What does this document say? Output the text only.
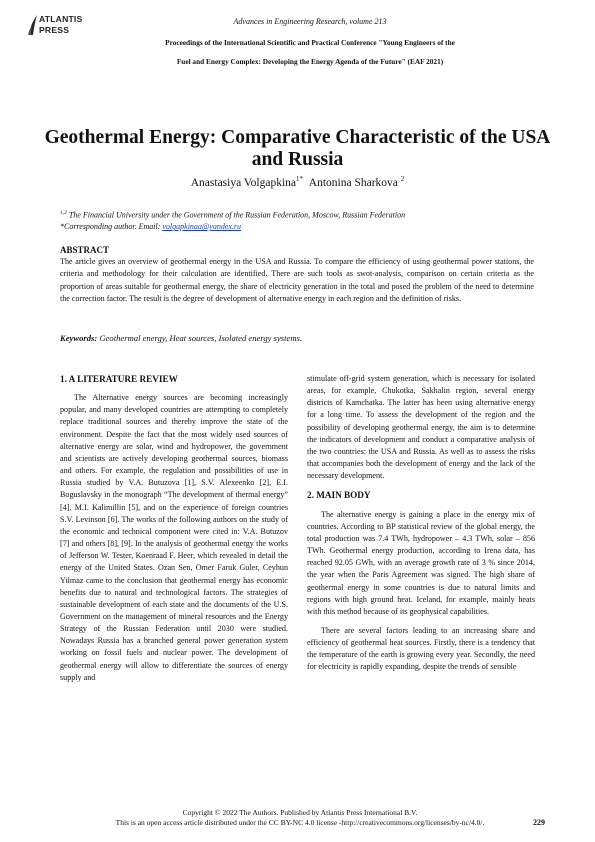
ATLANTIS
PRESS
Advances in Engineering Research, volume 213
Proceedings of the International Scientific and Practical Conference "Young Engineers of the
Fuel and Energy Complex: Developing the Energy Agenda of the Future" (EAF 2021)
Geothermal Energy: Comparative Characteristic of the USA and Russia
Anastasiya Volgapkina$^{1*}$ Antonina Sharkova $^2$
$^{1,2}$ The Financial University under the Government of the Russian Federation, Moscow, Russian Federation
*Corresponding author. Email: volgapkinaa@yandex.ru
ABSTRACT
The article gives an overview of geothermal energy in the USA and Russia. To compare the efficiency of using geothermal power stations, the criteria and methodology for their calculation are identified. There are such tools as swot-analysis, comparison on certain criteria as the proportion of areas suitable for geothermal energy, the share of electricity generation in the total and posed the problem of the need to determine the correction factor. The result is the degree of development of alternative energy in each region and the definition of risks.
Keywords: Geothermal energy, Heat sources, Isolated energy systems.
1. A LITERATURE REVIEW

The Alternative energy sources are becoming increasingly popular, and many developed countries are attempting to completely replace traditional sources and thereby improve the state of the environment. Despite the fact that the most widely used sources of alternative energy are solar, wind and hydropower, the government and scientists are actively developing geothermal sources, biomass and others. For example, the regulation and possibilities of use in Russia studied by V.A. Butuzova [1], S.V. Alexeenko [2], E.I. Boguslavsky in the monograph “The development of thermal energy” [4], M.I. Kalimillin [5], and on the experience of foreign countries S.V. Levinson [6]. The works of the following authors on the study of the economic and technical component were cited in: V.A. Butuzov [7] and others [8], [9]. In the analysis of geothermal energy the works of Jefferson W. Tester, Koenraad F. Heer, which revealed in detail the energy of the United States. Ozan Sen, Omer Faruk Guler, Ceyhun Yilmaz came to the conclusion that geothermal energy has economic benefits due to natural and technological factors. The strategies of sustainable development of each state and the documents of the U.S. Government on the management of mineral resources and the Energy Strategy of the Russian Federation until 2030 were studied. Nowadays Russia has a branched general power generation system working on fossil fuels and nuclear power. The development of geothermal energy will allow to differentiate the sources of energy supply and

stimulate off-grid system generation, which is necessary for isolated areas, for example, Chukotka, Sakhalin region, several energy districts of Kamchatka. The latter has been using alternative energy for a long time. To assess the development of the region and the possibility of developing geothermal energy, the aim is to determine the indicators of development and conduct a comparative analysis of the two countries: the USA and Russia. As well as to assess the risks that accompanies both the development of energy and the lack of the necessary development.

2. MAIN BODY

The alternative energy is gaining a place in the energy mix of countries. According to BP statistical review of the global energy, the total production was 7.4 TWh, hydropower – 4.3 TWh, solar – 856 TWh. Geothermal energy production, according to Irena data, has reached 92.05 GWh, with an average growth rate of 3 % since 2014, the year when the Paris Agreement was signed. The high share of geothermal energy in some countries is due to natural limits and regions with high ground heat. Iceland, for example, mainly heats with this method because of its geophysical capabilities.

There are several factors leading to an increasing share and efficiency of geothermal heat sources. Firstly, there is a tendency that the temperature of the earth is growing every year. Secondly, the need for electricity is rapidly expanding, despite the trends of sensible

Copyright © 2022 The Authors. Published by Atlantis Press International B.V.
This is an open access article distributed under the CC BY-NC 4.0 license -http://creativecommons.org/licenses/by-nc/4.0/.	229
